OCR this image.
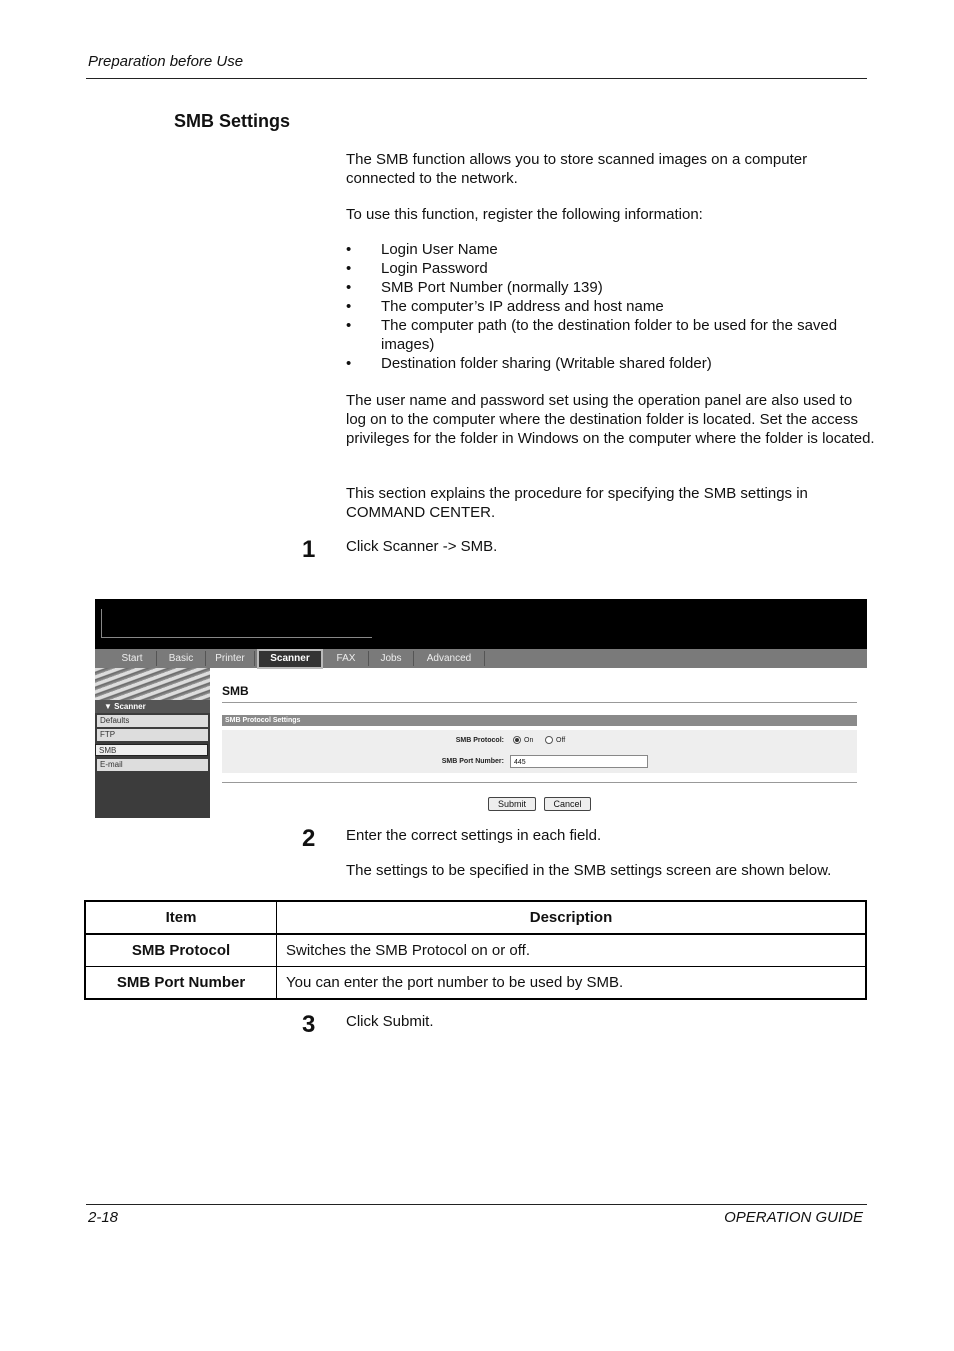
Preparation before Use
SMB Settings

The SMB function allows you to store scanned images on a computer connected to the network.

To use this function, register the following information:

• Login User Name
• Login Password
• SMB Port Number (normally 139)
• The computer’s IP address and host name
• The computer path (to the destination folder to be used for the saved images)
• Destination folder sharing (Writable shared folder)

The user name and password set using the operation panel are also used to log on to the computer where the destination folder is located. Set the access privileges for the folder in Windows on the computer where the folder is located.

This section explains the procedure for specifying the SMB settings in COMMAND CENTER.

1 Click Scanner -> SMB.
Start	Basic	Printer	Scanner	FAX	Jobs	Advanced
▼ Scanner
Defaults
FTP
SMB
E-mail
SMB
SMB Protocol Settings
SMB Protocol:	On	Off
SMB Port Number:	445
Submit	Cancel
2 Enter the correct settings in each field.
The settings to be specified in the SMB settings screen are shown below.
Item	Description
SMB Protocol	Switches the SMB Protocol on or off.
SMB Port Number	You can enter the port number to be used by SMB.
3 Click Submit.
2-18	OPERATION GUIDE
